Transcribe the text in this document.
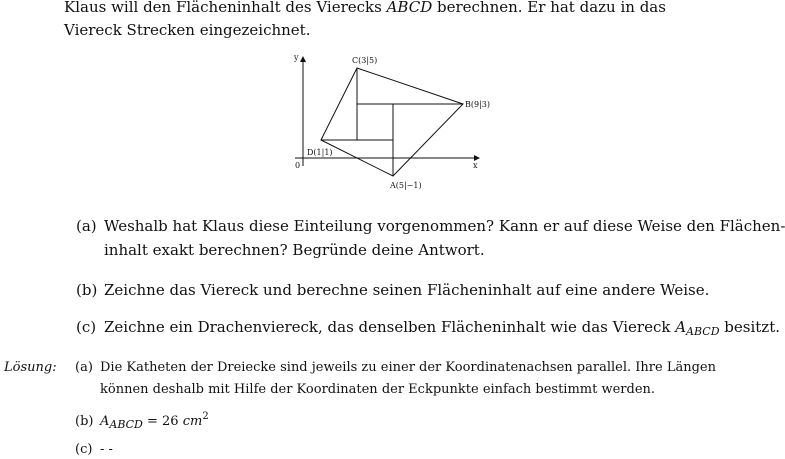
Klaus will den Flächeninhalt des Vierecks ABCD berechnen. Er hat dazu in das
Viereck Strecken eingezeichnet.
y
x
0
C(3|5)
B(9|3)
D(1|1)
A(5|−1)
(a) Weshalb hat Klaus diese Einteilung vorgenommen? Kann er auf diese Weise den Flächen-
inhalt exakt berechnen? Begründe deine Antwort.
(b) Zeichne das Viereck und berechne seinen Flächeninhalt auf eine andere Weise.
(c) Zeichne ein Drachenviereck, das denselben Flächeninhalt wie das Viereck $A_{ABCD}$ besitzt.
Lösung: (a) Die Katheten der Dreiecke sind jeweils zu einer der Koordinatenachsen parallel. Ihre Längen
können deshalb mit Hilfe der Koordinaten der Eckpunkte einfach bestimmt werden.
(b) $A_{ABCD} = 26$ $cm^2$
(c) - -
